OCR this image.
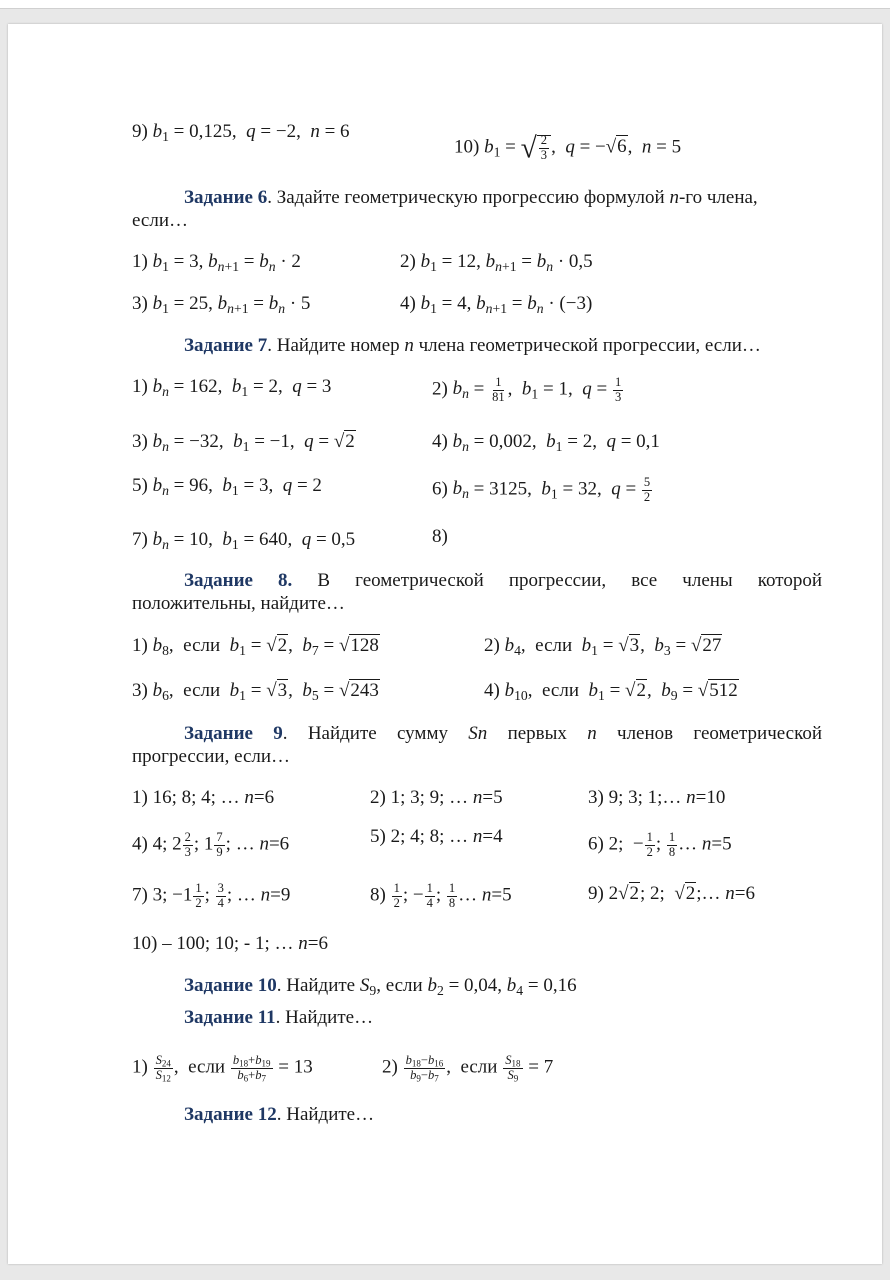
9) $b_1 = 0,125$,  q = −2,  n = 6
10) $b_1$ = √ $\frac{2}{3}$ ,  q = −√6,  n = 5
Задание 6. Задайте геометрическую прогрессию формулой n-го члена,
если…
1) $b_1 = 3$, $b_{n+1} = b_n \cdot 2$	2) $b_1 = 12$, $b_{n+1} = b_n \cdot 0,5$
3) $b_1 = 25$, $b_{n+1} = b_n \cdot 5$	4) $b_1 = 4$, $b_{n+1} = b_n \cdot (-3)$
Задание 7. Найдите номер n члена геометрической прогрессии, если…
1) $b_n = 162$,  $b_1 = 2$,  q = 3	2) $b_n = \frac{1}{81}$ ,  $b_1 = 1$,  $q = \frac{1}{3}$
3) $b_n = -32$,  $b_1 = -1$,  q = √2	4) $b_n = 0,002$,  $b_1 = 2$,  q = 0,1
5) $b_n = 96$,  $b_1 = 3$,  q = 2	6) $b_n = 3125$,  $b_1 = 32$,  $q = \frac{5}{2}$
7) $b_n = 10$,  $b_1 = 640$,  q = 0,5	8)
Задание 8. В геометрической прогрессии, все члены которой
положительны, найдите…
1) $b_8$,  если $b_1 = √2$,  $b_7 = √128$	2) $b_4$,  если $b_1 = √3$,  $b_3 = √27$
3) $b_6$,  если $b_1 = √3$,  $b_5 = √243$	4) $b_{10}$,  если $b_1 = √2$,  $b_9 = √512$
Задание 9. Найдите сумму Sn первых n членов геометрической
прогрессии, если…
1) 16; 8; 4; … n=6	2) 1; 3; 9; … n=5	3) 9; 3; 1;… n=10
4) 4; $2 \frac{2}{3}$ ; $1 \frac{7}{9}$ ; … n=6	5) 2; 4; 8; … n=4	6) 2;  − $\frac{1}{2}$ ; $\frac{1}{8}$ … n=5
7) 3; $-1 \frac{1}{2}$ ; $\frac{3}{4}$ ; … n=9	$8) \frac{1}{2}$ ; − $\frac{1}{4}$ ; $\frac{1}{8}$ … n=5	9) 2√2; 2;  √2;… n=6
10) – 100; 10; - 1; … n=6
Задание 10. Найдите $S_9$, если $b_2 = 0,04$, $b_4 = 0,16$
Задание 11. Найдите…
$1) \frac{S_{24}}{S_{12}}$ ,  если $\frac{b_{18}+b_{19}}{b_6+b_7} = 13$	$2) \frac{b_{18}-b_{16}}{b_9-b_7}$ ,  если $\frac{S_{18}}{S_9} = 7$
Задание 12. Найдите…
